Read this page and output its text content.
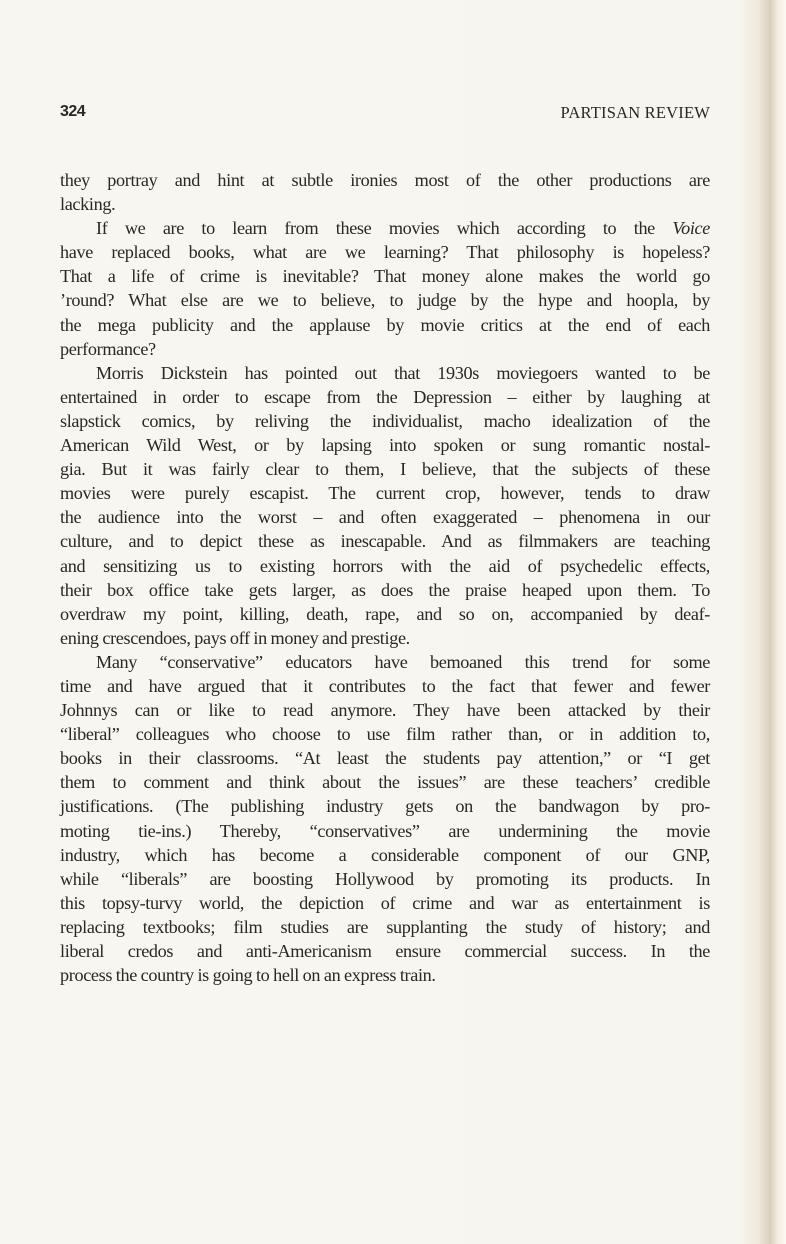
324	PARTISAN REVIEW
they portray and hint at subtle ironies most of the other productions are
lacking.
If we are to learn from these movies which according to the Voice
have replaced books, what are we learning? That philosophy is hopeless?
That a life of crime is inevitable? That money alone makes the world go
’round? What else are we to believe, to judge by the hype and hoopla, by
the mega publicity and the applause by movie critics at the end of each
performance?
Morris Dickstein has pointed out that 1930s moviegoers wanted to be
entertained in order to escape from the Depression – either by laughing at
slapstick comics, by reliving the individualist, macho idealization of the
American Wild West, or by lapsing into spoken or sung romantic nostal-
gia. But it was fairly clear to them, I believe, that the subjects of these
movies were purely escapist. The current crop, however, tends to draw
the audience into the worst – and often exaggerated – phenomena in our
culture, and to depict these as inescapable. And as filmmakers are teaching
and sensitizing us to existing horrors with the aid of psychedelic effects,
their box office take gets larger, as does the praise heaped upon them. To
overdraw my point, killing, death, rape, and so on, accompanied by deaf-
ening crescendoes, pays off in money and prestige.
Many “conservative” educators have bemoaned this trend for some
time and have argued that it contributes to the fact that fewer and fewer
Johnnys can or like to read anymore. They have been attacked by their
“liberal” colleagues who choose to use film rather than, or in addition to,
books in their classrooms. “At least the students pay attention,” or “I get
them to comment and think about the issues” are these teachers’ credible
justifications. (The publishing industry gets on the bandwagon by pro-
moting tie-ins.) Thereby, “conservatives” are undermining the movie
industry, which has become a considerable component of our GNP,
while “liberals” are boosting Hollywood by promoting its products. In
this topsy-turvy world, the depiction of crime and war as entertainment is
replacing textbooks; film studies are supplanting the study of history; and
liberal credos and anti-Americanism ensure commercial success. In the
process the country is going to hell on an express train.
